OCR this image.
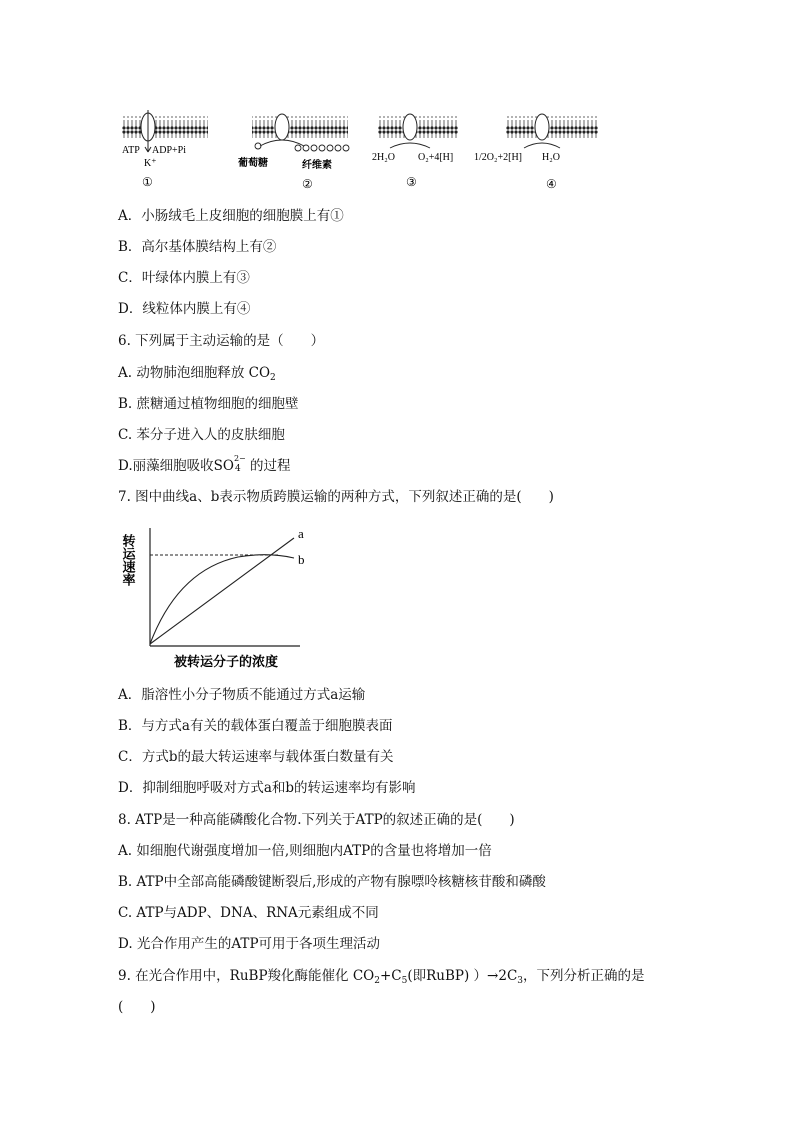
ATP ADP+Pi
K⁺
①
葡萄糖	纤维素
②
2H₂O O₂+4[H]
③
1/2O₂+2[H] H₂O
④
A．小肠绒毛上皮细胞的细胞膜上有①
B．高尔基体膜结构上有②
C．叶绿体内膜上有③
D．线粒体内膜上有④
6. 下列属于主动运输的是（　　）
A. 动物肺泡细胞释放 $CO_2$
B. 蔗糖通过植物细胞的细胞壁
C. 苯分子进入人的皮肤细胞
D.丽藻细胞吸收SO 2−
4 的过程
7. 图中曲线a、b表示物质跨膜运输的两种方式，下列叙述正确的是(　　)
a
b
转运速率
被转运分子的浓度
A．脂溶性小分子物质不能通过方式a运输
B．与方式a有关的载体蛋白覆盖于细胞膜表面
C．方式b的最大转运速率与载体蛋白数量有关
D．抑制细胞呼吸对方式a和b的转运速率均有影响
8. ATP是一种高能磷酸化合物.下列关于ATP的叙述正确的是(　　)
A. 如细胞代谢强度增加一倍,则细胞内ATP的含量也将增加一倍
B. ATP中全部高能磷酸键断裂后,形成的产物有腺嘌呤核糖核苷酸和磷酸
C. ATP与ADP、DNA、RNA元素组成不同
D. 光合作用产生的ATP可用于各项生理活动
9. 在光合作用中，RuBP羧化酶能催化 $CO_2+C_5$(即RuBP) ）$\to 2C_3$，下列分析正确的是
(　　)
